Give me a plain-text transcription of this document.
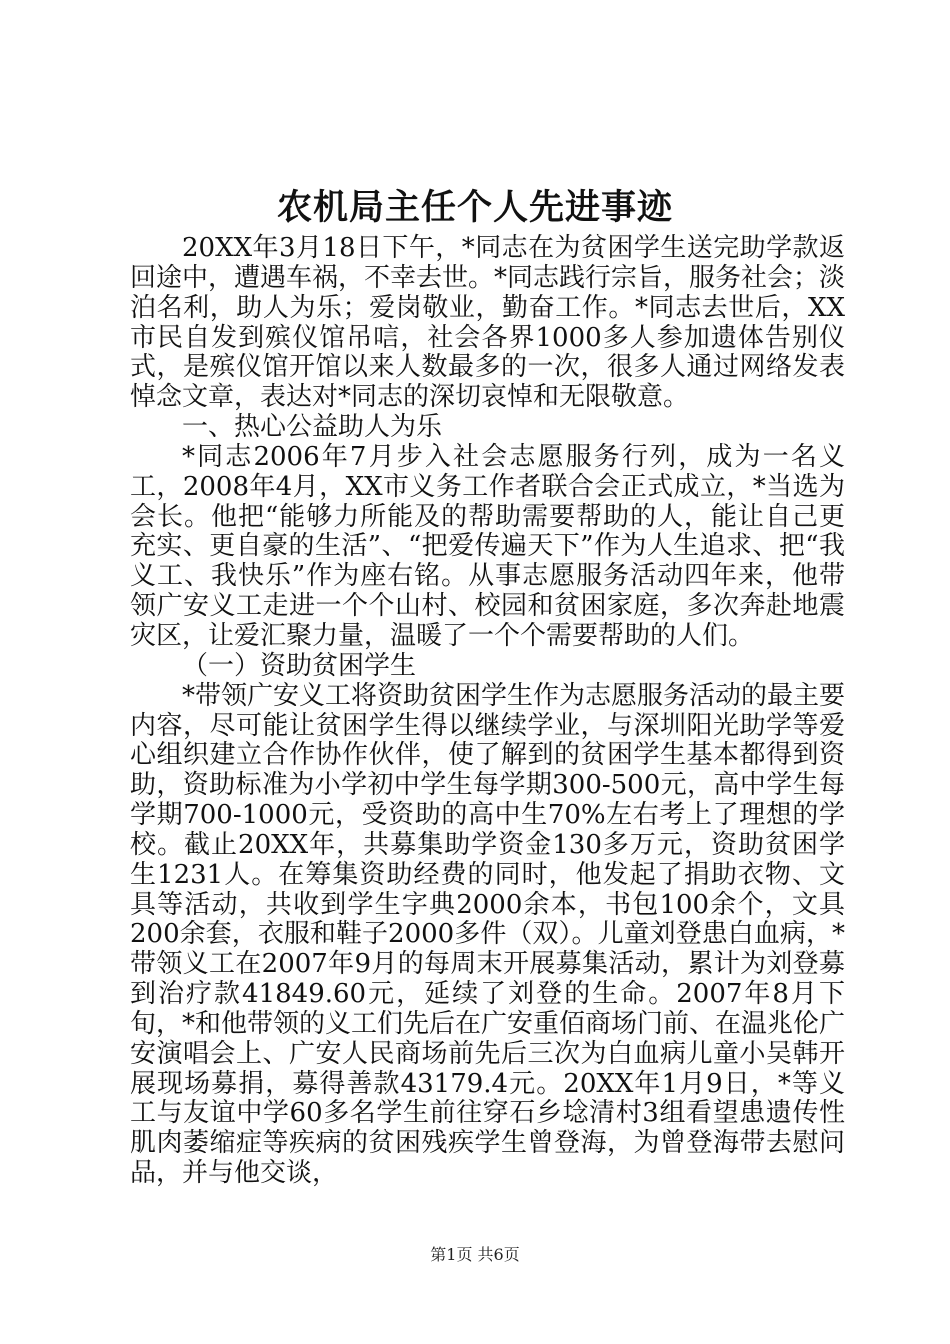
农机局主任个人先进事迹

20XX年3月18日下午，*同志在为贫困学生送完助学款返回途中，遭遇车祸，不幸去世。*同志践行宗旨，服务社会；淡泊名利，助人为乐；爱岗敬业，勤奋工作。*同志去世后，XX市民自发到殡仪馆吊唁，社会各界1000多人参加遗体告别仪式，是殡仪馆开馆以来人数最多的一次，很多人通过网络发表悼念文章，表达对*同志的深切哀悼和无限敬意。

一、热心公益助人为乐

*同志2006年7月步入社会志愿服务行列，成为一名义工，2008年4月，XX市义务工作者联合会正式成立，*当选为会长。他把“能够力所能及的帮助需要帮助的人，能让自己更充实、更自豪的生活”、“把爱传遍天下”作为人生追求、把“我义工、我快乐”作为座右铭。从事志愿服务活动四年来，他带领广安义工走进一个个山村、校园和贫困家庭，多次奔赴地震灾区，让爱汇聚力量，温暖了一个个需要帮助的人们。

（一）资助贫困学生

*带领广安义工将资助贫困学生作为志愿服务活动的最主要内容，尽可能让贫困学生得以继续学业，与深圳阳光助学等爱心组织建立合作协作伙伴，使了解到的贫困学生基本都得到资助，资助标准为小学初中学生每学期300-500元，高中学生每学期700-1000元，受资助的高中生70%左右考上了理想的学校。截止20XX年，共募集助学资金130多万元，资助贫困学生1231人。在筹集资助经费的同时，他发起了捐助衣物、文具等活动，共收到学生字典2000余本，书包100余个，文具200余套，衣服和鞋子2000多件（双）。儿童刘登患白血病，*带领义工在2007年9月的每周末开展募集活动，累计为刘登募到治疗款41849.60元，延续了刘登的生命。2007年8月下旬，*和他带领的义工们先后在广安重佰商场门前、在温兆伦广安演唱会上、广安人民商场前先后三次为白血病儿童小吴韩开展现场募捐，募得善款43179.4元。20XX年1月9日，*等义工与友谊中学60多名学生前往穿石乡埝清村3组看望患遗传性肌肉萎缩症等疾病的贫困残疾学生曾登海，为曾登海带去慰问品，并与他交谈，

第1页 共6页
